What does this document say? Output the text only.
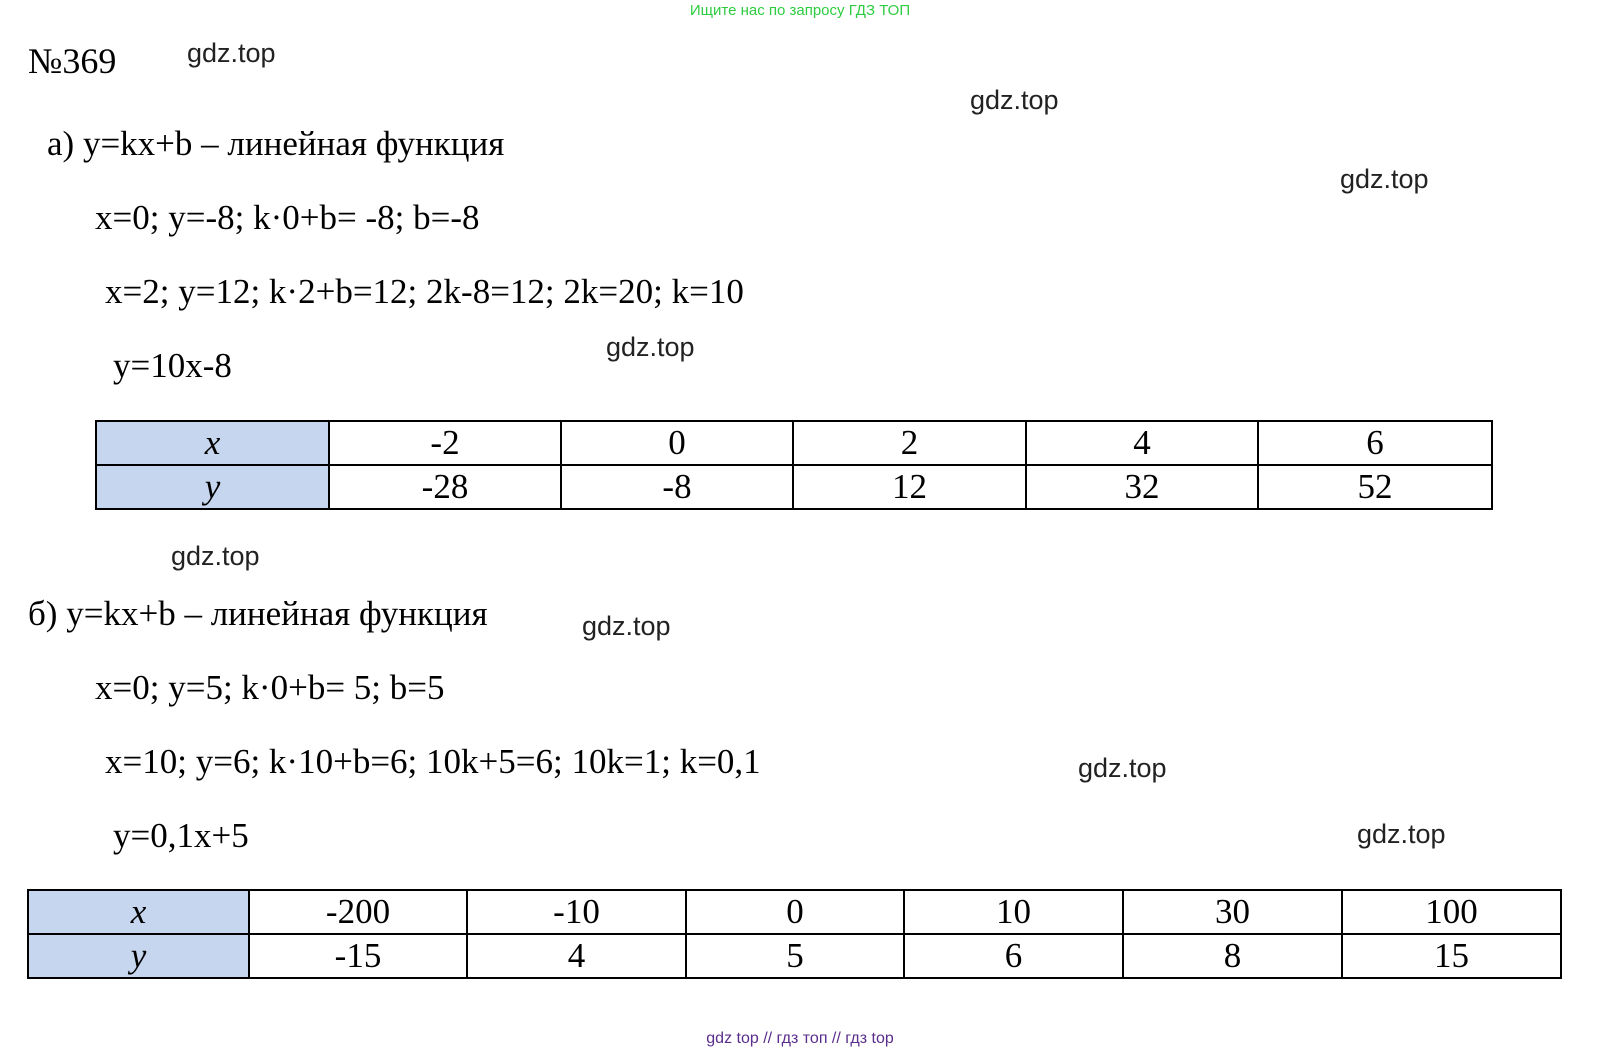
Ищите нас по запросу ГДЗ ТОП
№369	gdz.top
gdz.top
gdz.top
gdz.top
gdz.top
gdz.top
gdz.top
gdz.top
а) y=kx+b – линейная функция
x=0; y=-8; k·0+b= -8; b=-8
x=2; y=12; k·2+b=12; 2k-8=12; 2k=20; k=10
y=10x-8
x	-2	0	2	4	6
y	-28	-8	12	32	52
б) y=kx+b – линейная функция
x=0; y=5; k·0+b= 5; b=5
x=10; y=6; k·10+b=6; 10k+5=6; 10k=1; k=0,1
y=0,1x+5
x	-200	-10	0	10	30	100
y	-15	4	5	6	8	15
gdz top // гдз топ // гдз top
